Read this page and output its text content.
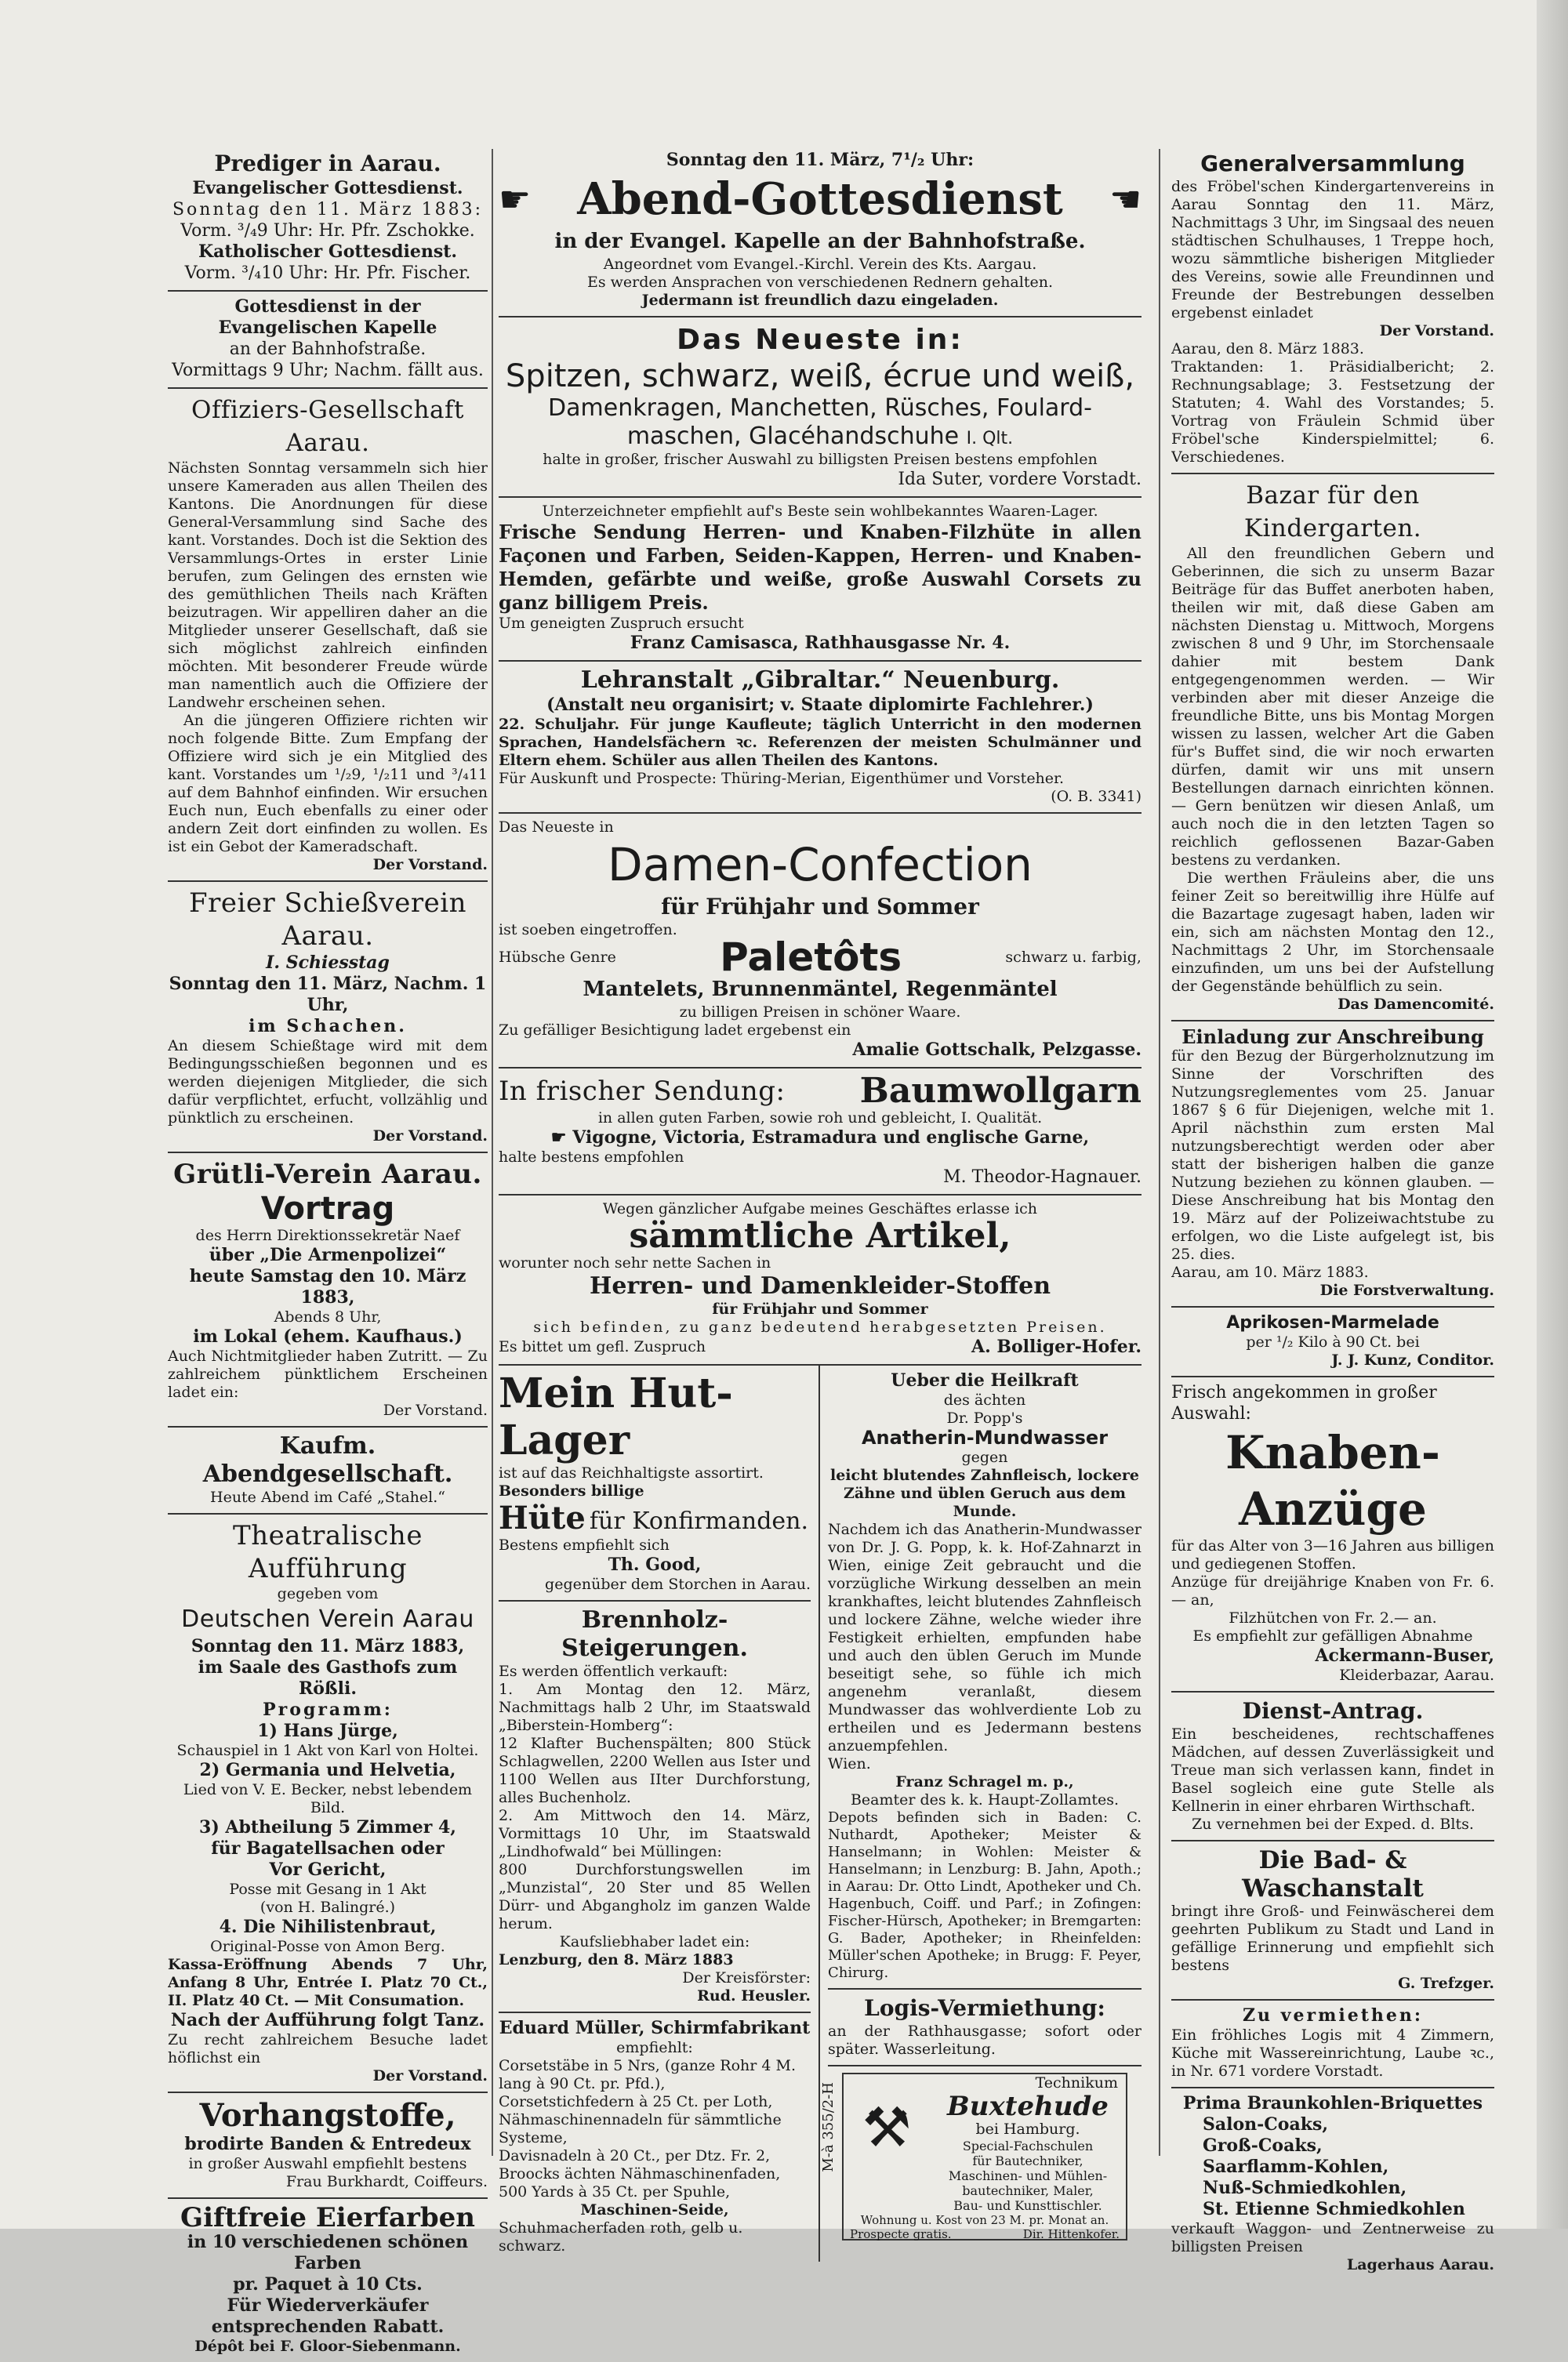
Prediger in Aarau.

Evangelischer Gottesdienst.

Sonntag den 11. März 1883:

Vorm. ³/₄9 Uhr: Hr. Pfr. Zschokke.

Katholischer Gottesdienst.

Vorm. ³/₄10 Uhr: Hr. Pfr. Fischer.

Gottesdienst in der Evangelischen Kapelle

an der Bahnhofstraße.

Vormittags 9 Uhr; Nachm. fällt aus.

Offiziers-Gesellschaft Aarau.

Nächsten Sonntag versammeln sich hier unsere Kameraden aus allen Theilen des Kantons. Die Anordnungen für diese General-Versammlung sind Sache des kant. Vorstandes. Doch ist die Sektion des Versammlungs-Ortes in erster Linie berufen, zum Gelingen des ernsten wie des gemüthlichen Theils nach Kräften beizutragen. Wir appelliren daher an die Mitglieder unserer Gesellschaft, daß sie sich möglichst zahlreich einfinden möchten. Mit besonderer Freude würde man namentlich auch die Offiziere der Landwehr erscheinen sehen.

An die jüngeren Offiziere richten wir noch folgende Bitte. Zum Empfang der Offiziere wird sich je ein Mitglied des kant. Vorstandes um ¹/₂9, ¹/₂11 und ³/₄11 auf dem Bahnhof einfinden. Wir ersuchen Euch nun, Euch ebenfalls zu einer oder andern Zeit dort einfinden zu wollen. Es ist ein Gebot der Kameradschaft.

Der Vorstand.

Freier Schießverein Aarau.

I. Schiesstag

Sonntag den 11. März, Nachm. 1 Uhr,

im Schachen.

An diesem Schießtage wird mit dem Bedingungsschießen begonnen und es werden diejenigen Mitglieder, die sich dafür verpflichtet, erfucht, vollzählig und pünktlich zu erscheinen.

Der Vorstand.

Grütli-Verein Aarau.

Vortrag

des Herrn Direktionssekretär Naef

über „Die Armenpolizei“

heute Samstag den 10. März 1883,

Abends 8 Uhr,

im Lokal (ehem. Kaufhaus.)

Auch Nichtmitglieder haben Zutritt. — Zu zahlreichem pünktlichem Erscheinen ladet ein:

Der Vorstand.

Kaufm. Abendgesellschaft.

Heute Abend im Café „Stahel.“

Theatralische Aufführung

gegeben vom

Deutschen Verein Aarau

Sonntag den 11. März 1883,

im Saale des Gasthofs zum Rößli.

Programm:

1) Hans Jürge,

Schauspiel in 1 Akt von Karl von Holtei.

2) Germania und Helvetia,

Lied von V. E. Becker, nebst lebendem Bild.

3) Abtheilung 5 Zimmer 4,

für Bagatellsachen oder

Vor Gericht,

Posse mit Gesang in 1 Akt

(von H. Balingré.)

4. Die Nihilistenbraut,

Original-Posse von Amon Berg.

Kassa-Eröffnung Abends 7 Uhr, Anfang 8 Uhr, Entrée I. Platz 70 Ct., II. Platz 40 Ct. — Mit Consumation.

Nach der Aufführung folgt Tanz.

Zu recht zahlreichem Besuche ladet höflichst ein

Der Vorstand.

Vorhangstoffe,

brodirte Banden & Entredeux

in großer Auswahl empfiehlt bestens

Frau Burkhardt, Coiffeurs.

Giftfreie Eierfarben

in 10 verschiedenen schönen Farben

pr. Paquet à 10 Cts.

Für Wiederverkäufer entsprechenden Rabatt.

Dépôt bei F. Gloor-Siebenmann.

Sonntag den 11. März, 7¹/₂ Uhr:

☛ Abend-Gottesdienst ☛

in der Evangel. Kapelle an der Bahnhofstraße.

Angeordnet vom Evangel.-Kirchl. Verein des Kts. Aargau.

Es werden Ansprachen von verschiedenen Rednern gehalten.

Jedermann ist freundlich dazu eingeladen.

Das Neueste in:

Spitzen, schwarz, weiß, écrue und weiß,

Damenkragen, Manchetten, Rüsches, Foulard-

maschen, Glacéhandschuhe I. Qlt.

halte in großer, frischer Auswahl zu billigsten Preisen bestens empfohlen

Ida Suter, vordere Vorstadt.

Unterzeichneter empfiehlt auf's Beste sein wohlbekanntes Waaren-Lager.

Frische Sendung Herren- und Knaben-Filzhüte in allen Façonen und Farben, Seiden-Kappen, Herren- und Knaben-Hemden, gefärbte und weiße, große Auswahl Corsets zu ganz billigem Preis.

Um geneigten Zuspruch ersucht

Franz Camisasca, Rathhausgasse Nr. 4.

Lehranstalt „Gibraltar.“ Neuenburg.

(Anstalt neu organisirt; v. Staate diplomirte Fachlehrer.)

22. Schuljahr. Für junge Kaufleute; täglich Unterricht in den modernen Sprachen, Handelsfächern ꝛc. Referenzen der meisten Schulmänner und Eltern ehem. Schüler aus allen Theilen des Kantons.

Für Auskunft und Prospecte: Thüring-Merian, Eigenthümer und Vorsteher.

(O. B. 3341)

Das Neueste in

Damen-Confection

für Frühjahr und Sommer

ist soeben eingetroffen.

Hübsche Genre	Paletôts	schwarz u. farbig,

Mantelets, Brunnenmäntel, Regenmäntel

zu billigen Preisen in schöner Waare.

Zu gefälliger Besichtigung ladet ergebenst ein

Amalie Gottschalk, Pelzgasse.

In frischer Sendung: Baumwollgarn

in allen guten Farben, sowie roh und gebleicht, I. Qualität.

☛ Vigogne, Victoria, Estramadura und englische Garne,

halte bestens empfohlen

M. Theodor-Hagnauer.

Wegen gänzlicher Aufgabe meines Geschäftes erlasse ich

sämmtliche Artikel,

worunter noch sehr nette Sachen in

Herren- und Damenkleider-Stoffen

für Frühjahr und Sommer

sich befinden, zu ganz bedeutend herabgesetzten Preisen.

Es bittet um gefl. Zuspruch	A. Bolliger-Hofer.

Mein Hut-Lager

ist auf das Reichhaltigste assortirt.

Besonders billige

Hüte für Konfirmanden.

Bestens empfiehlt sich

Th. Good,

gegenüber dem Storchen in Aarau.

Brennholz-Steigerungen.

Es werden öffentlich verkauft:

1. Am Montag den 12. März, Nachmittags halb 2 Uhr, im Staatswald „Biberstein-Homberg“:

12 Klafter Buchenspälten; 800 Stück Schlagwellen, 2200 Wellen aus Ister und 1100 Wellen aus IIter Durchforstung, alles Buchenholz.

2. Am Mittwoch den 14. März, Vormittags 10 Uhr, im Staatswald „Lindhofwald“ bei Müllingen:

800 Durchforstungswellen im „Munzistal“, 20 Ster und 85 Wellen Dürr- und Abgangholz im ganzen Walde herum.

Kaufsliebhaber ladet ein:

Lenzburg, den 8. März 1883

Der Kreisförster:

Rud. Heusler.

Eduard Müller, Schirmfabrikant

empfiehlt:

Corsetstäbe in 5 Nrs, (ganze Rohr 4 M. lang à 90 Ct. pr. Pfd.),

Corsetstichfedern à 25 Ct. per Loth,

Nähmaschinennadeln für sämmtliche Systeme,

Davisnadeln à 20 Ct., per Dtz. Fr. 2,

Broocks ächten Nähmaschinenfaden, 500 Yards à 35 Ct. per Spuhle,

Maschinen-Seide,

Schuhmacherfaden roth, gelb u. schwarz.

Ueber die Heilkraft

des ächten

Dr. Popp's

Anatherin-Mundwasser

gegen

leicht blutendes Zahnfleisch, lockere Zähne und üblen Geruch aus dem Munde.

Nachdem ich das Anatherin-Mundwasser von Dr. J. G. Popp, k. k. Hof-Zahnarzt in Wien, einige Zeit gebraucht und die vorzügliche Wirkung desselben an mein krankhaftes, leicht blutendes Zahnfleisch und lockere Zähne, welche wieder ihre Festigkeit erhielten, empfunden habe und auch den üblen Geruch im Munde beseitigt sehe, so fühle ich mich angenehm veranlaßt, diesem Mundwasser das wohlverdiente Lob zu ertheilen und es Jedermann bestens anzuempfehlen.

Wien.

Franz Schragel m. p.,

Beamter des k. k. Haupt-Zollamtes.

Depots befinden sich in Baden: C. Nuthardt, Apotheker; Meister & Hanselmann; in Wohlen: Meister & Hanselmann; in Lenzburg: B. Jahn, Apoth.; in Aarau: Dr. Otto Lindt, Apotheker und Ch. Hagenbuch, Coiff. und Parf.; in Zofingen: Fischer-Hürsch, Apotheker; in Bremgarten: G. Bader, Apotheker; in Rheinfelden: Müller'schen Apotheke; in Brugg: F. Peyer, Chirurg.

Logis-Vermiethung:

an der Rathhausgasse; sofort oder später. Wasserleitung.

M-à 355/2-H	Technikum

⚒	Buxtehude

bei Hamburg.

Special-Fachschulen

für Bautechniker,

Maschinen- und Mühlen-

bautechniker, Maler,

Bau- und Kunsttischler.

Wohnung u. Kost von 23 M. pr. Monat an.

Prospecte gratis.	Dir. Hittenkofer.

Generalversammlung

des Fröbel'schen Kindergartenvereins in Aarau Sonntag den 11. März, Nachmittags 3 Uhr, im Singsaal des neuen städtischen Schulhauses, 1 Treppe hoch, wozu sämmtliche bisherigen Mitglieder des Vereins, sowie alle Freundinnen und Freunde der Bestrebungen desselben ergebenst einladet

Der Vorstand.

Aarau, den 8. März 1883.

Traktanden: 1. Präsidialbericht; 2. Rechnungsablage; 3. Festsetzung der Statuten; 4. Wahl des Vorstandes; 5. Vortrag von Fräulein Schmid über Fröbel'sche Kinderspielmittel; 6. Verschiedenes.

Bazar für den Kindergarten.

All den freundlichen Gebern und Geberinnen, die sich zu unserm Bazar Beiträge für das Buffet anerboten haben, theilen wir mit, daß diese Gaben am nächsten Dienstag u. Mittwoch, Morgens zwischen 8 und 9 Uhr, im Storchensaale dahier mit bestem Dank entgegengenommen werden. — Wir verbinden aber mit dieser Anzeige die freundliche Bitte, uns bis Montag Morgen wissen zu lassen, welcher Art die Gaben für's Buffet sind, die wir noch erwarten dürfen, damit wir uns mit unsern Bestellungen darnach einrichten können. — Gern benützen wir diesen Anlaß, um auch noch die in den letzten Tagen so reichlich geflossenen Bazar-Gaben bestens zu verdanken.

Die werthen Fräuleins aber, die uns feiner Zeit so bereitwillig ihre Hülfe auf die Bazartage zugesagt haben, laden wir ein, sich am nächsten Montag den 12., Nachmittags 2 Uhr, im Storchensaale einzufinden, um uns bei der Aufstellung der Gegenstände behülflich zu sein.

Das Damencomité.

Einladung zur Anschreibung

für den Bezug der Bürgerholznutzung im Sinne der Vorschriften des Nutzungsreglementes vom 25. Januar 1867 § 6 für Diejenigen, welche mit 1. April nächsthin zum ersten Mal nutzungsberechtigt werden oder aber statt der bisherigen halben die ganze Nutzung beziehen zu können glauben. — Diese Anschreibung hat bis Montag den 19. März auf der Polizeiwachtstube zu erfolgen, wo die Liste aufgelegt ist, bis 25. dies.

Aarau, am 10. März 1883.

Die Forstverwaltung.

Aprikosen-Marmelade

per ¹/₂ Kilo à 90 Ct. bei

J. J. Kunz, Conditor.

Frisch angekommen in großer Auswahl:

Knaben-Anzüge

für das Alter von 3—16 Jahren aus billigen und gediegenen Stoffen.

Anzüge für dreijährige Knaben von Fr. 6.— an,

Filzhütchen von Fr. 2.— an.

Es empfiehlt zur gefälligen Abnahme

Ackermann-Buser,

Kleiderbazar, Aarau.

Dienst-Antrag.

Ein bescheidenes, rechtschaffenes Mädchen, auf dessen Zuverlässigkeit und Treue man sich verlassen kann, findet in Basel sogleich eine gute Stelle als Kellnerin in einer ehrbaren Wirthschaft.

Zu vernehmen bei der Exped. d. Blts.

Die Bad- & Waschanstalt

bringt ihre Groß- und Feinwäscherei dem geehrten Publikum zu Stadt und Land in gefällige Erinnerung und empfiehlt sich bestens

G. Trefzger.

Zu vermiethen:

Ein fröhliches Logis mit 4 Zimmern, Küche mit Wassereinrichtung, Laube ꝛc., in Nr. 671 vordere Vorstadt.

Prima Braunkohlen-Briquettes

Salon-Coaks,

Groß-Coaks,

Saarflamm-Kohlen,

Nuß-Schmiedkohlen,

St. Etienne Schmiedkohlen

verkauft Waggon- und Zentnerweise zu billigsten Preisen

Lagerhaus Aarau.
